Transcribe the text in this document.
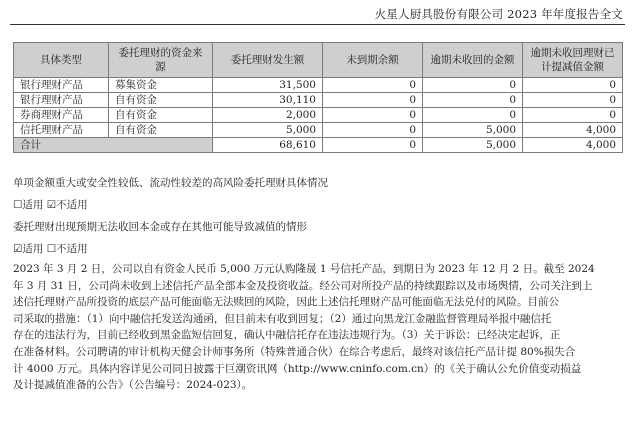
火星人厨具股份有限公司 2023 年年度报告全文
具体类型	委托理财的资金来源	委托理财发生额	未到期余额	逾期未收回的金额	逾期未收回理财已计提减值金额
银行理财产品	募集资金	31,500	0	0	0
银行理财产品	自有资金	30,110	0	0	0
券商理财产品	自有资金	2,000	0	0	0
信托理财产品	自有资金	5,000	0	5,000	4,000
合计		68,610	0	5,000	4,000
单项金额重大或安全性较低、流动性较差的高风险委托理财具体情况
☐适用 ☑不适用
委托理财出现预期无法收回本金或存在其他可能导致减值的情形
☑适用 ☐不适用
2023 年 3 月 2 日，公司以自有资金人民币 5,000 万元认购隆晟 1 号信托产品，到期日为 2023 年 12 月 2 日。截至 2024
年 3 月 31 日，公司尚未收到上述信托产品全部本金及投资收益。经公司对所投产品的持续跟踪以及市场舆情，公司关注到上
述信托理财产品所投资的底层产品可能面临无法赎回的风险，因此上述信托理财产品可能面临无法兑付的风险。目前公
司采取的措施：（1）向中融信托发送沟通函，但目前未有收到回复；（2）通过向黑龙江金融监督管理局举报中融信托
存在的违法行为，目前已经收到黑金监短信回复，确认中融信托存在违法违规行为。（3）关于诉讼：已经决定起诉，正
在准备材料。公司聘请的审计机构天健会计师事务所（特殊普通合伙）在综合考虑后，最终对该信托产品计提 80%损失合
计 4000 万元。具体内容详见公司同日披露于巨潮资讯网（http://www.cninfo.com.cn）的《关于确认公允价值变动损益
及计提减值准备的公告》（公告编号：2024-023）。
